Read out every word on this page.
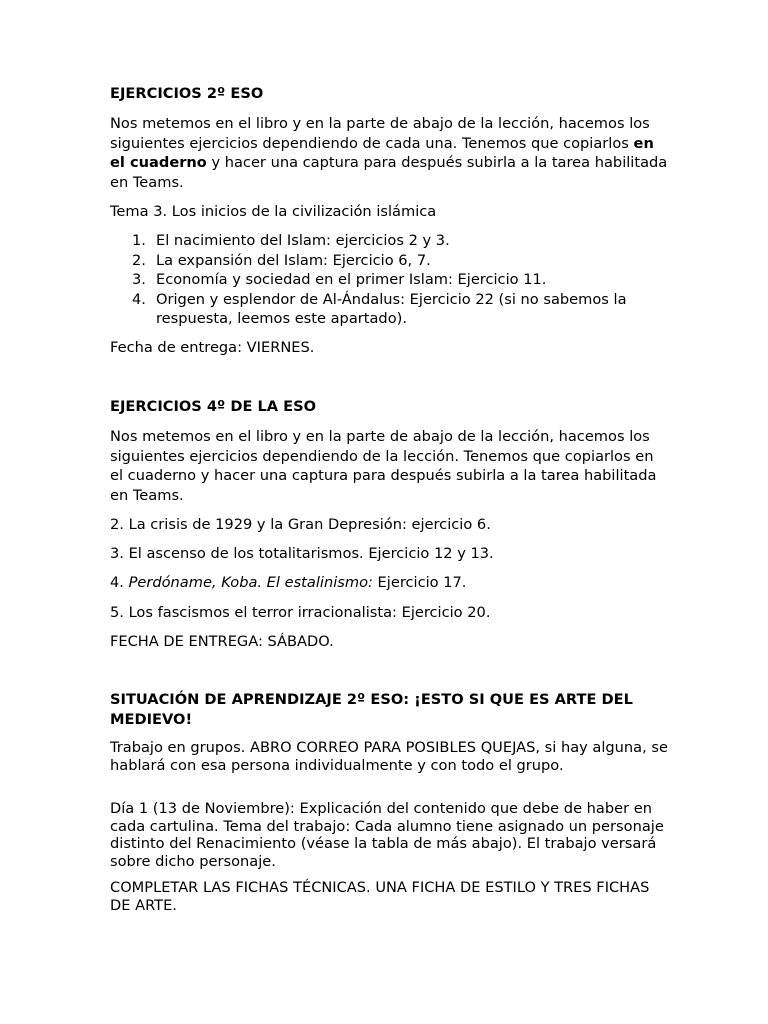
EJERCICIOS 2º ESO
Nos metemos en el libro y en la parte de abajo de la lección, hacemos los siguientes ejercicios dependiendo de cada una. Tenemos que copiarlos en el cuaderno y hacer una captura para después subirla a la tarea habilitada en Teams.
Tema 3. Los inicios de la civilización islámica
1. El nacimiento del Islam: ejercicios 2 y 3.
2. La expansión del Islam: Ejercicio 6, 7.
3. Economía y sociedad en el primer Islam: Ejercicio 11.
4. Origen y esplendor de Al-Ándalus: Ejercicio 22 (si no sabemos la respuesta, leemos este apartado).
Fecha de entrega: VIERNES.
EJERCICIOS 4º DE LA ESO
Nos metemos en el libro y en la parte de abajo de la lección, hacemos los siguientes ejercicios dependiendo de la lección. Tenemos que copiarlos en el cuaderno y hacer una captura para después subirla a la tarea habilitada en Teams.
2. La crisis de 1929 y la Gran Depresión: ejercicio 6.
3. El ascenso de los totalitarismos. Ejercicio 12 y 13.
4. Perdóname, Koba. El estalinismo: Ejercicio 17.
5. Los fascismos el terror irracionalista: Ejercicio 20.
FECHA DE ENTREGA: SÁBADO.
SITUACIÓN DE APRENDIZAJE 2º ESO: ¡ESTO SI QUE ES ARTE DEL MEDIEVO!
Trabajo en grupos. ABRO CORREO PARA POSIBLES QUEJAS, si hay alguna, se hablará con esa persona individualmente y con todo el grupo.
Día 1 (13 de Noviembre): Explicación del contenido que debe de haber en cada cartulina. Tema del trabajo: Cada alumno tiene asignado un personaje distinto del Renacimiento (véase la tabla de más abajo). El trabajo versará sobre dicho personaje.
COMPLETAR LAS FICHAS TÉCNICAS. UNA FICHA DE ESTILO Y TRES FICHAS DE ARTE.
